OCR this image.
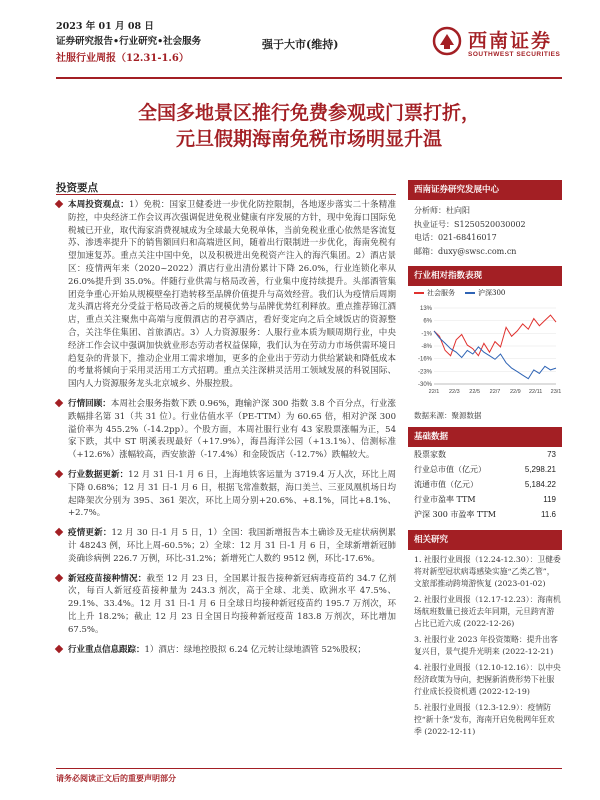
2023 年 01 月 08 日
证券研究报告•行业研究•社会服务
社服行业周报（12.31-1.6）
强于大市(维持)	西南证券
SOUTHWEST SECURITIES
全国多地景区推行免费参观或门票打折，
元旦假期海南免税市场明显升温
投资要点
本周投资观点：1）免税：国家卫健委进一步优化防控限制，各地逐步落实二十条精准防控，中央经济工作会议再次强调促进免税业健康有序发展的方针，现中免海口国际免税城已开业，取代海家消费视城成为全球最大免税单体，当前免税业重心依然是客流复苏、渗透率提升下的销售额回归和高端进区间，随着出行限制进一步优化，海南免税有望加速复苏。重点关注中国中免，以及积极进出免税资产注入的海汽集团。2）酒店景区：疫情两年来（2020~2022）酒店行业出清份累计下降 26.0%，行业连锁化率从 26.0%提升到 35.0%。伴随行业供需与格局改善，行业集中度持续提升。头部酒管集团竞争重心开始从规模壁垒打造转移至品牌价值提升与高效经营。我们认为疫情后周期龙头酒店将充分受益于格局改善之后的规模优势与品牌优势红利释放。重点推荐锦江酒店，重点关注聚焦中高端与度假酒店的君亭酒店，看好变定向之后全域饭店的资源整合，关注华住集团、首旅酒店。3）人力资源服务：人服行业本质为顺周期行业，中央经济工作会议中强调加快就业形态劳动者权益保障，我们认为在劳动力市场供需环境日趋复杂的背景下，推动企业用工需求增加，更多的企业出于劳动力供给紧缺和降低成本的考量将倾向于采用灵活用工方式招聘。重点关注深耕灵活用工领域发展的科锐国际、国内人力资源服务龙头北京城乡、外服控股。
行情回顾：本周社会服务指数下跌 0.96%，跑输沪深 300 指数 3.8 个百分点，行业涨跌幅排名第 31（共 31 位）。行业估值水平（PE-TTM）为 60.65 倍，相对沪深 300 溢价率为 455.2%（-14.2pp）。个股方面，本周社服行业有 43 家股票涨幅为正，54 家下跌，其中 ST 明溪表现最好（+17.9%），海昌海洋公园（+13.1%）、信测标准（+12.6%）涨幅较高，西安旅游（-17.4%）和金陵饭店（-12.7%）跌幅较大。
行业数据更新：12 月 31 日-1 月 6 日，上海地铁客运量为 3719.4 万人次，环比上周下降 0.68%；12 月 31 日-1 月 6 日，根据飞常准数据，海口美兰、三亚凤凰机场日均起降架次分别为 395、361 架次，环比上周分别+20.6%、+8.1%，同比+8.1%、+2.7%。
疫情更新：12 月 30 日-1 月 5 日，1）全国：我国新增报告本土确诊及无症状病例累计 48243 例，环比上周-60.5%；2）全球：12 月 31 日-1 月 6 日，全球新增新冠肺炎确诊病例 226.7 万例，环比-31.2%；新增死亡人数约 9512 例，环比-17.6%。
新冠疫苗接种情况：截至 12 月 23 日，全国累计报告接种新冠病毒疫苗约 34.7 亿剂次，每百人新冠疫苗接种量为 243.3 剂次，高于全球、北美、欧洲水平 47.5%、29.1%、33.4%。12 月 31 日-1 月 6 日全球日均接种新冠疫苗约 195.7 万剂次，环比上升 18.2%；截止 12 月 23 日全国日均接种新冠疫苗 183.8 万剂次，环比增加 67.5%。
行业重点信息跟踪：1）酒店：绿地控股拟 6.24 亿元转让绿地酒管 52%股权；
西南证券研究发展中心
分析师： 杜向阳
执业证号： S1250520030002
电话： 021-68416017
邮箱： duxy@swsc.com.cn
行业相对指数表现
社会服务	沪深300
13%
6%
-1%
-8%
-16%
-23%
-30%
22/1 22/3 22/5 22/7 22/9 22/11 23/1
数据来源：聚源数据
基础数据
股票家数	73
行业总市值（亿元）	5,298.21
流通市值（亿元）	5,184.22
行业市盈率 TTM	119
沪深 300 市盈率 TTM	11.6
相关研究
1. 社服行业周报（12.24-12.30）：卫健委将对新型冠状病毒感染实施“乙类乙管”，文旅部推动跨境游恢复 (2023-01-02)
2. 社服行业周报（12.17-12.23）：海南机场航班数量已接近去年同期，元旦跨宵游占比已近六成 (2022-12-26)
3. 社服行业 2023 年投资策略：提升出客复兴目，景气提升光明来 (2022-12-21)
4. 社服行业周报（12.10-12.16）：以中央经济政策为导向，把握新消费形势下社服行业成长投资机遇 (2022-12-19)
5. 社服行业周报（12.3-12.9）：疫情防控“新十条”发布，海南开启免税网年狂欢季 (2022-12-11)
请务必阅读正文后的重要声明部分
